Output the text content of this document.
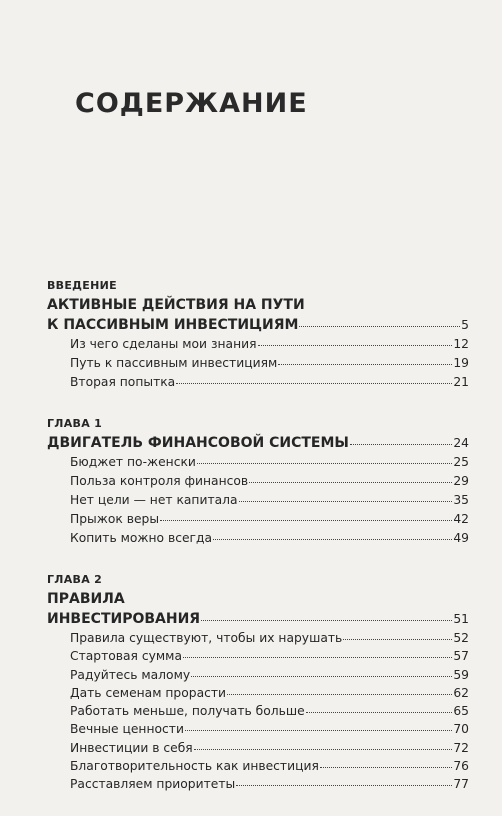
СОДЕРЖАНИЕ
ВВЕДЕНИЕ
АКТИВНЫЕ ДЕЙСТВИЯ НА ПУТИ
К ПАССИВНЫМ ИНВЕСТИЦИЯМ	5
Из чего сделаны мои знания	12
Путь к пассивным инвестициям	19
Вторая попытка	21
ГЛАВА 1
ДВИГАТЕЛЬ ФИНАНСОВОЙ СИСТЕМЫ	24
Бюджет по-женски	25
Польза контроля финансов	29
Нет цели — нет капитала	35
Прыжок веры	42
Копить можно всегда	49
ГЛАВА 2
ПРАВИЛА
ИНВЕСТИРОВАНИЯ	51
Правила существуют, чтобы их нарушать	52
Стартовая сумма	57
Радуйтесь малому	59
Дать семенам прорасти	62
Работать меньше, получать больше	65
Вечные ценности	70
Инвестиции в себя	72
Благотворительность как инвестиция	76
Расставляем приоритеты	77
